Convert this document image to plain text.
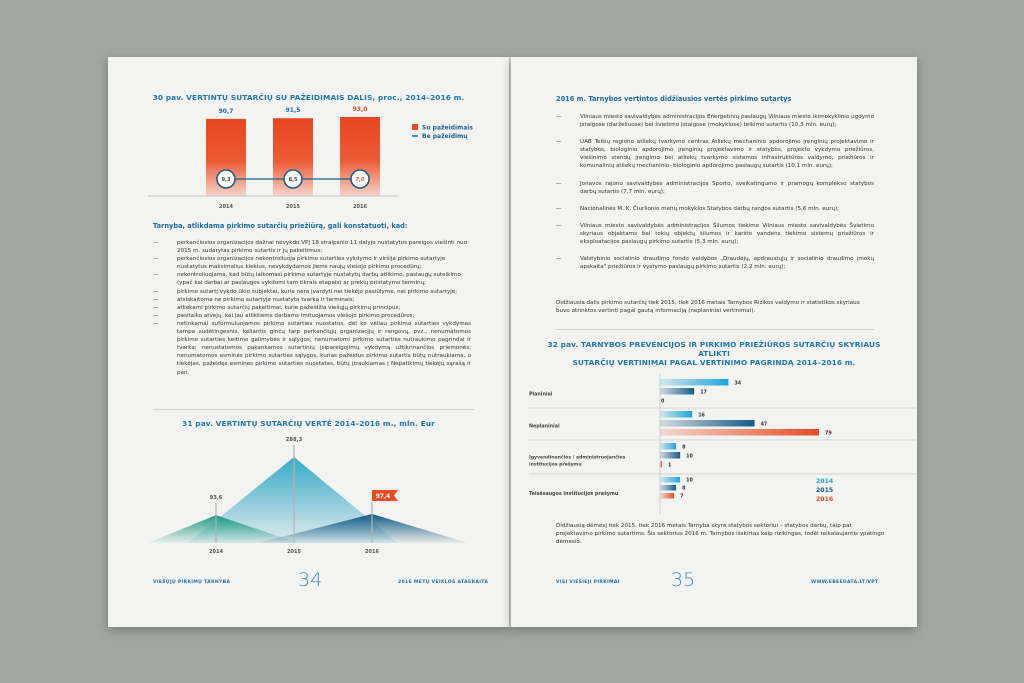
30 pav. VERTINTŲ SUTARČIŲ SU PAŽEIDIMAIS DALIS, proc., 2014–2016 m.
90,7	91,5	93,0
9,3	8,5	7,0
2014	2015	2016
Su pažeidimais
Be pažeidimų
Tarnyba, atlikdama pirkimo sutarčių priežiūrą, gali konstatuoti, kad:
—	perkančiosios organizacijos dažnai nevykdo VPĮ 18 straipsnio 11 dalyje nustatytos pareigos viešinti nuo 2015 m. sudarytas pirkimo sutartis ir jų pakeitimus;
—	perkančiosios organizacijos nekontroliuoja pirkimo sutarties vykdymo ir viršija pirkimo sutartyje nustatytus maksimalius kiekius, nevykdydamos jiems naujų viešojo pirkimo procedūrų;
—	nekontroliuojama, kad būtų laikomasi pirkimo sutartyje nustatytų darbų atlikimo, paslaugų suteikimo (ypač kai darbai ar paslaugos vykdomi tam tikrais etapais) ar prekių pristatymo terminų;
—	pirkimo sutartį vykdo ūkio subjektai, kurie nėra įvardyti nei tiekėjo pasiūlyme, nei pirkimo sutartyje;
—	atsiskaitoma ne pirkimo sutartyje nustatyta tvarka ir terminais;
—	atliekami pirkimo sutarčių pakeitimai, kurie pažeidžia viešųjų pirkimų principus;
—	pasitaiko atvejų, kai jau atliktiems darbams imituojamos viešojo pirkimo procedūros;
—	netinkamai suformuluojamos pirkimo sutarties nuostatos, dėl ko vėliau pirkimo sutarties vykdymas tampa sudėtingesnis, keliantis ginčų tarp perkančiųjų organizacijų ir rangovų, pvz., nenumatomos pirkimo sutarties keitimo galimybės ir sąlygos; nenumatomi pirkimo sutarties nutraukimo pagrindai ir tvarka; nenustatomos pakankamos sutartinių įsipareigojimų vykdymą užtikrinančios priemonės; nenumatomos esminės pirkimo sutarties sąlygos, kurias pažeidus pirkimo sutartis būtų nutraukiama, o tiekėjas, pažeidęs esmines pirkimo sutarties nuostatas, būtų įtraukiamas į Nepatikimų tiekėjų sąrašą ir pan.
31 pav. VERTINTŲ SUTARČIŲ VERTĖ 2014–2016 m., mln. Eur
93,6
288,3
97,4
2014	2015	2016
VIEŠŲJŲ PIRKIMŲ TARNYBA	34	2016 METŲ VEIKLOS ATASKAITA
2016 m. Tarnybos vertintos didžiausios vertės pirkimo sutartys
—	Vilniaus miesto savivaldybės administracijos Energetinių paslaugų Vilniaus miesto ikimokyklinio ugdymo įstaigose (darželiuose) bei švietimo įstaigose (mokyklose) teikimo sutartis (10,3 mln. eurų);
—	UAB Telšių regiono atliekų tvarkymo centras Atliekų mechaninio apdorojimo įrenginių projektavimo ir statybos, biologinio apdorojimo įrenginių projektavimo ir statybos, projekto vykdymo priežiūros, viešinimo stendų įrengimo bei atliekų tvarkymo sistemos infrastruktūros valdymo, priežiūros ir komunalinių atliekų mechaninio- biologinio apdorojimo paslaugų sutartis (10,1 mln. eurų);
—	Jonavos rajono savivaldybės administracijos Sporto, sveikatingumo ir pramogų komplekso statybos darbų sutartis (7,7 mln. eurų);
—	Nacionalinės M. K. Čiurlionio menų mokyklos Statybos darbų rangos sutartis (5,6 mln. eurų);
—	Vilniaus miesto savivaldybės administracijos Šilumos tiekimo Vilniaus miesto savivaldybės Švietimo skyriaus objektams bei tokių objektų šilumos ir karšto vandens tiekimo sistemų priežiūros ir eksploatacijos paslaugų pirkimo sutartis (5,3 mln. eurų);
—	Valstybinio socialinio draudimo fondo valdybos „Draudėjų, apdraustųjų ir socialinio draudimo įmokų apskaita" priežiūros ir vystymo paslaugų pirkimo sutartis (2,2 mln. eurų);
Didžiausia dalis pirkimo sutarčių tiek 2015, tiek 2016 metais Tarnybos Rizikos valdymo ir statistikos skyriaus buvo atrinktos vertinti pagal gautą informaciją (neplaniniai vertinimai).
32 pav. TARNYBOS PREVENCIJOS IR PIRKIMO PRIEŽIŪROS SUTARČIŲ SKYRIAUS ATLIKTI
SUTARČIŲ VERTINIMAI PAGAL VERTINIMO PAGRINDĄ 2014–2016 m.
Planiniai
Neplaniniai
Įgyvendinančios / administruojančios institucijos prašymu
Teisėsaugos institucijos prašymu
34
17
0
16
47
79
8
10
1
10
8
7
2014
2015
2016
Didžiausią dėmesį tiek 2015, tiek 2016 metais Tarnyba skyrė statybos sektoriui – statybos darbų, taip pat projektavimo pirkimo sutartims. Šis sektorius 2016 m. Tarnybos išskirtas kaip rizikingas, todėl reikalaujantis ypatingo dėmesio.
VISI VIEŠIEJI PIRKIMAI	35	WWW.EBEEDATA.LT/VPT
